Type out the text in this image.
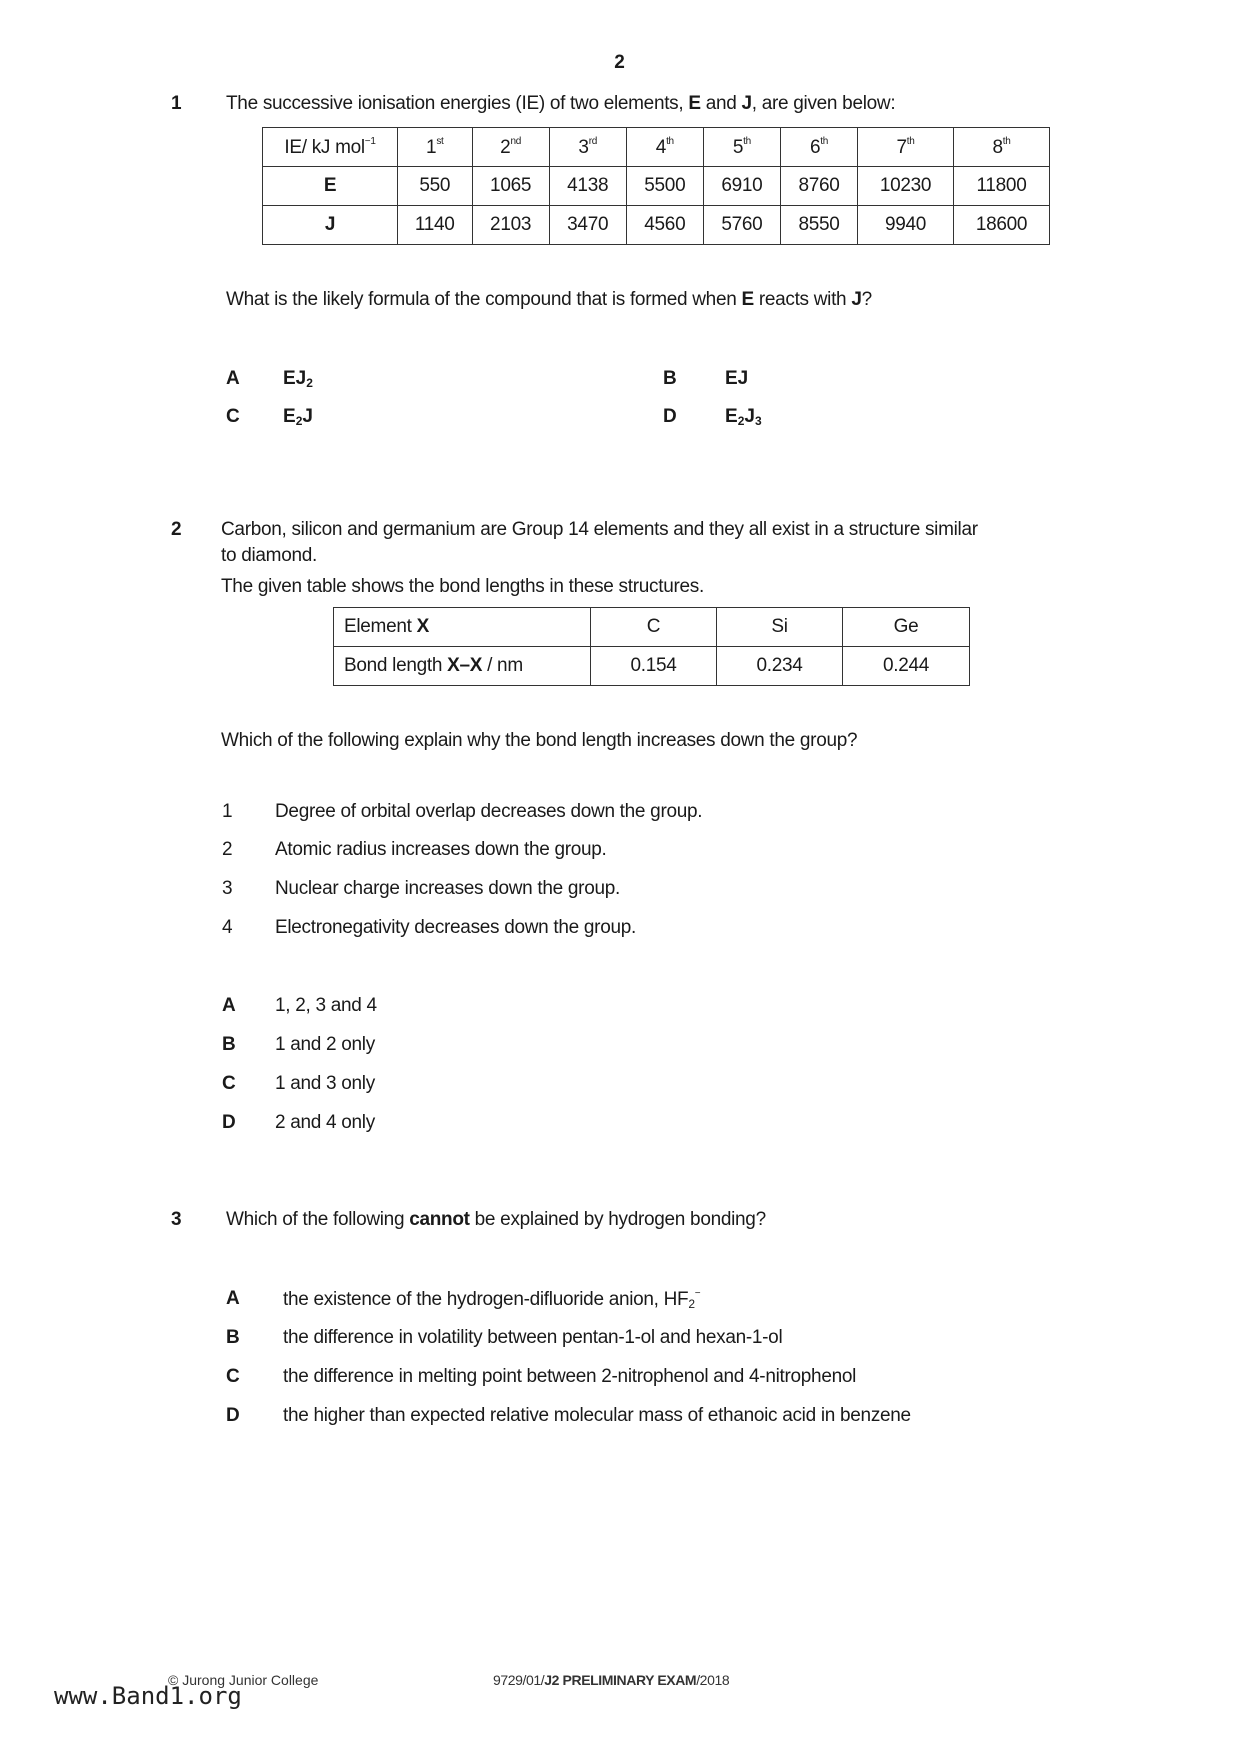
2
1 The successive ionisation energies (IE) of two elements, E and J, are given below:
IE/ kJ mol$^{-1}$	1st	2nd	3rd	4th	5th	6th	7th	8th
E	550	1065	4138	5500	6910	8760	10230	11800
J	1140	2103	3470	4560	5760	8550	9940	18600
What is the likely formula of the compound that is formed when E reacts with J?
A $EJ_2$	B	EJ
C $E_2J$	D	$E_2J_3$
2 Carbon, silicon and germanium are Group 14 elements and they all exist in a structure similar
to diamond.
The given table shows the bond lengths in these structures.
Element X	C	Si	Ge
Bond length X–X / nm	0.154	0.234	0.244
Which of the following explain why the bond length increases down the group?
1 Degree of orbital overlap decreases down the group.
2 Atomic radius increases down the group.
3 Nuclear charge increases down the group.
4 Electronegativity decreases down the group.
A 1, 2, 3 and 4
B 1 and 2 only
C 1 and 3 only
D 2 and 4 only
3 Which of the following cannot be explained by hydrogen bonding?
A the existence of the hydrogen-difluoride anion, $HF_2^-$
B the difference in volatility between pentan-1-ol and hexan-1-ol
C the difference in melting point between 2-nitrophenol and 4-nitrophenol
D the higher than expected relative molecular mass of ethanoic acid in benzene
© Jurong Junior College	9729/01/J2 PRELIMINARY EXAM/2018
www.Band1.org
